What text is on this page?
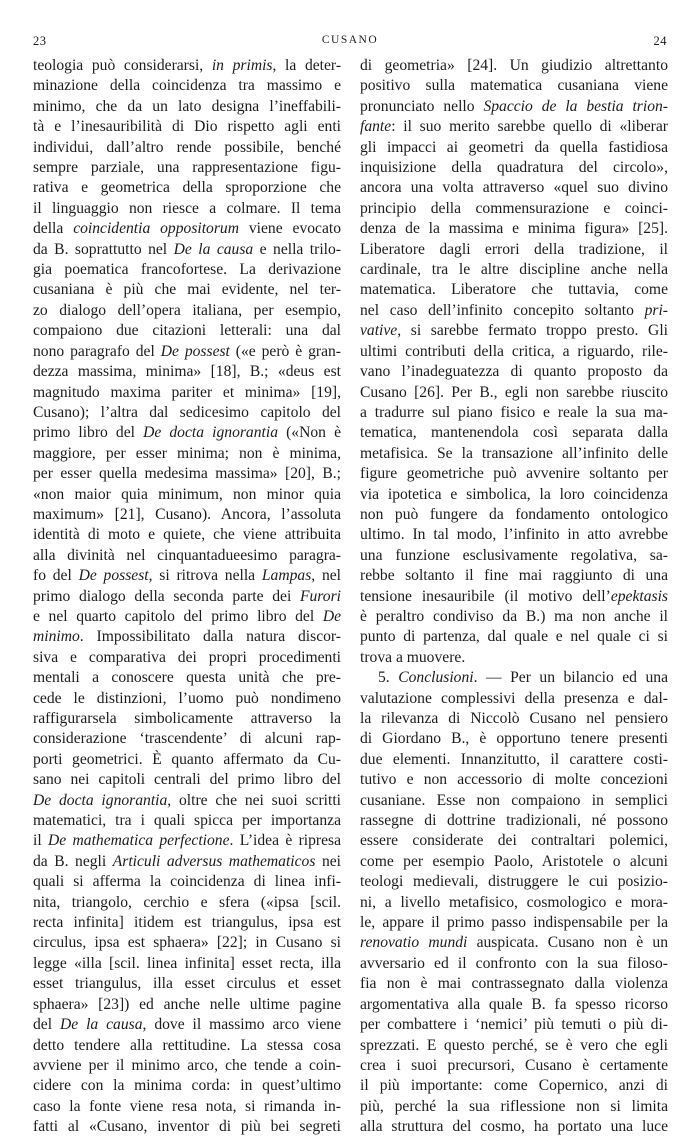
23	CUSANO	24
teologia può considerarsi, in primis, la deter-
minazione della coincidenza tra massimo e
minimo, che da un lato designa l’ineffabili-
tà e l’inesauribilità di Dio rispetto agli enti
individui, dall’altro rende possibile, benché
sempre parziale, una rappresentazione figu-
rativa e geometrica della sproporzione che
il linguaggio non riesce a colmare. Il tema
della coincidentia oppositorum viene evocato
da B. soprattutto nel De la causa e nella trilo-
gia poematica francofortese. La derivazione
cusaniana è più che mai evidente, nel ter-
zo dialogo dell’opera italiana, per esempio,
compaiono due citazioni letterali: una dal
nono paragrafo del De possest («e però è gran-
dezza massima, minima» [18], B.; «deus est
magnitudo maxima pariter et minima» [19],
Cusano); l’altra dal sedicesimo capitolo del
primo libro del De docta ignorantia («Non è
maggiore, per esser minima; non è minima,
per esser quella medesima massima» [20], B.;
«non maior quia minimum, non minor quia
maximum» [21], Cusano). Ancora, l’assoluta
identità di moto e quiete, che viene attribuita
alla divinità nel cinquantadueesimo paragra-
fo del De possest, si ritrova nella Lampas, nel
primo dialogo della seconda parte dei Furori
e nel quarto capitolo del primo libro del De
minimo. Impossibilitato dalla natura discor-
siva e comparativa dei propri procedimenti
mentali a conoscere questa unità che pre-
cede le distinzioni, l’uomo può nondimeno
raffigurarsela simbolicamente attraverso la
considerazione ‘trascendente’ di alcuni rap-
porti geometrici. È quanto affermato da Cu-
sano nei capitoli centrali del primo libro del
De docta ignorantia, oltre che nei suoi scritti
matematici, tra i quali spicca per importanza
il De mathematica perfectione. L’idea è ripresa
da B. negli Articuli adversus mathematicos nei
quali si afferma la coincidenza di linea infi-
nita, triangolo, cerchio e sfera («ipsa [scil.
recta infinita] itidem est triangulus, ipsa est
circulus, ipsa est sphaera» [22]; in Cusano si
legge «illa [scil. linea infinita] esset recta, illa
esset triangulus, illa esset circulus et esset
sphaera» [23]) ed anche nelle ultime pagine
del De la causa, dove il massimo arco viene
detto tendere alla rettitudine. La stessa cosa
avviene per il minimo arco, che tende a coin-
cidere con la minima corda: in quest’ultimo
caso la fonte viene resa nota, si rimanda in-
fatti al «Cusano, inventor di più bei segreti
di geometria» [24]. Un giudizio altrettanto
positivo sulla matematica cusaniana viene
pronunciato nello Spaccio de la bestia trion-
fante: il suo merito sarebbe quello di «liberar
gli impacci ai geometri da quella fastidiosa
inquisizione della quadratura del circolo»,
ancora una volta attraverso «quel suo divino
principio della commensurazione e coinci-
denza de la massima e minima figura» [25].
Liberatore dagli errori della tradizione, il
cardinale, tra le altre discipline anche nella
matematica. Liberatore che tuttavia, come
nel caso dell’infinito concepito soltanto pri-
vative, si sarebbe fermato troppo presto. Gli
ultimi contributi della critica, a riguardo, rile-
vano l’inadeguatezza di quanto proposto da
Cusano [26]. Per B., egli non sarebbe riuscito
a tradurre sul piano fisico e reale la sua ma-
tematica, mantenendola così separata dalla
metafisica. Se la transazione all’infinito delle
figure geometriche può avvenire soltanto per
via ipotetica e simbolica, la loro coincidenza
non può fungere da fondamento ontologico
ultimo. In tal modo, l’infinito in atto avrebbe
una funzione esclusivamente regolativa, sa-
rebbe soltanto il fine mai raggiunto di una
tensione inesauribile (il motivo dell’epektasis
è peraltro condiviso da B.) ma non anche il
punto di partenza, dal quale e nel quale ci si
trova a muovere.
5. Conclusioni. — Per un bilancio ed una
valutazione complessivi della presenza e dal-
la rilevanza di Niccolò Cusano nel pensiero
di Giordano B., è opportuno tenere presenti
due elementi. Innanzitutto, il carattere costi-
tutivo e non accessorio di molte concezioni
cusaniane. Esse non compaiono in semplici
rassegne di dottrine tradizionali, né possono
essere considerate dei contraltari polemici,
come per esempio Paolo, Aristotele o alcuni
teologi medievali, distruggere le cui posizio-
ni, a livello metafisico, cosmologico e mora-
le, appare il primo passo indispensabile per la
renovatio mundi auspicata. Cusano non è un
avversario ed il confronto con la sua filoso-
fia non è mai contrassegnato dalla violenza
argomentativa alla quale B. fa spesso ricorso
per combattere i ‘nemici’ più temuti o più di-
sprezzati. E questo perché, se è vero che egli
crea i suoi precursori, Cusano è certamente
il più importante: come Copernico, anzi di
più, perché la sua riflessione non si limita
alla struttura del cosmo, ha portato una luce
